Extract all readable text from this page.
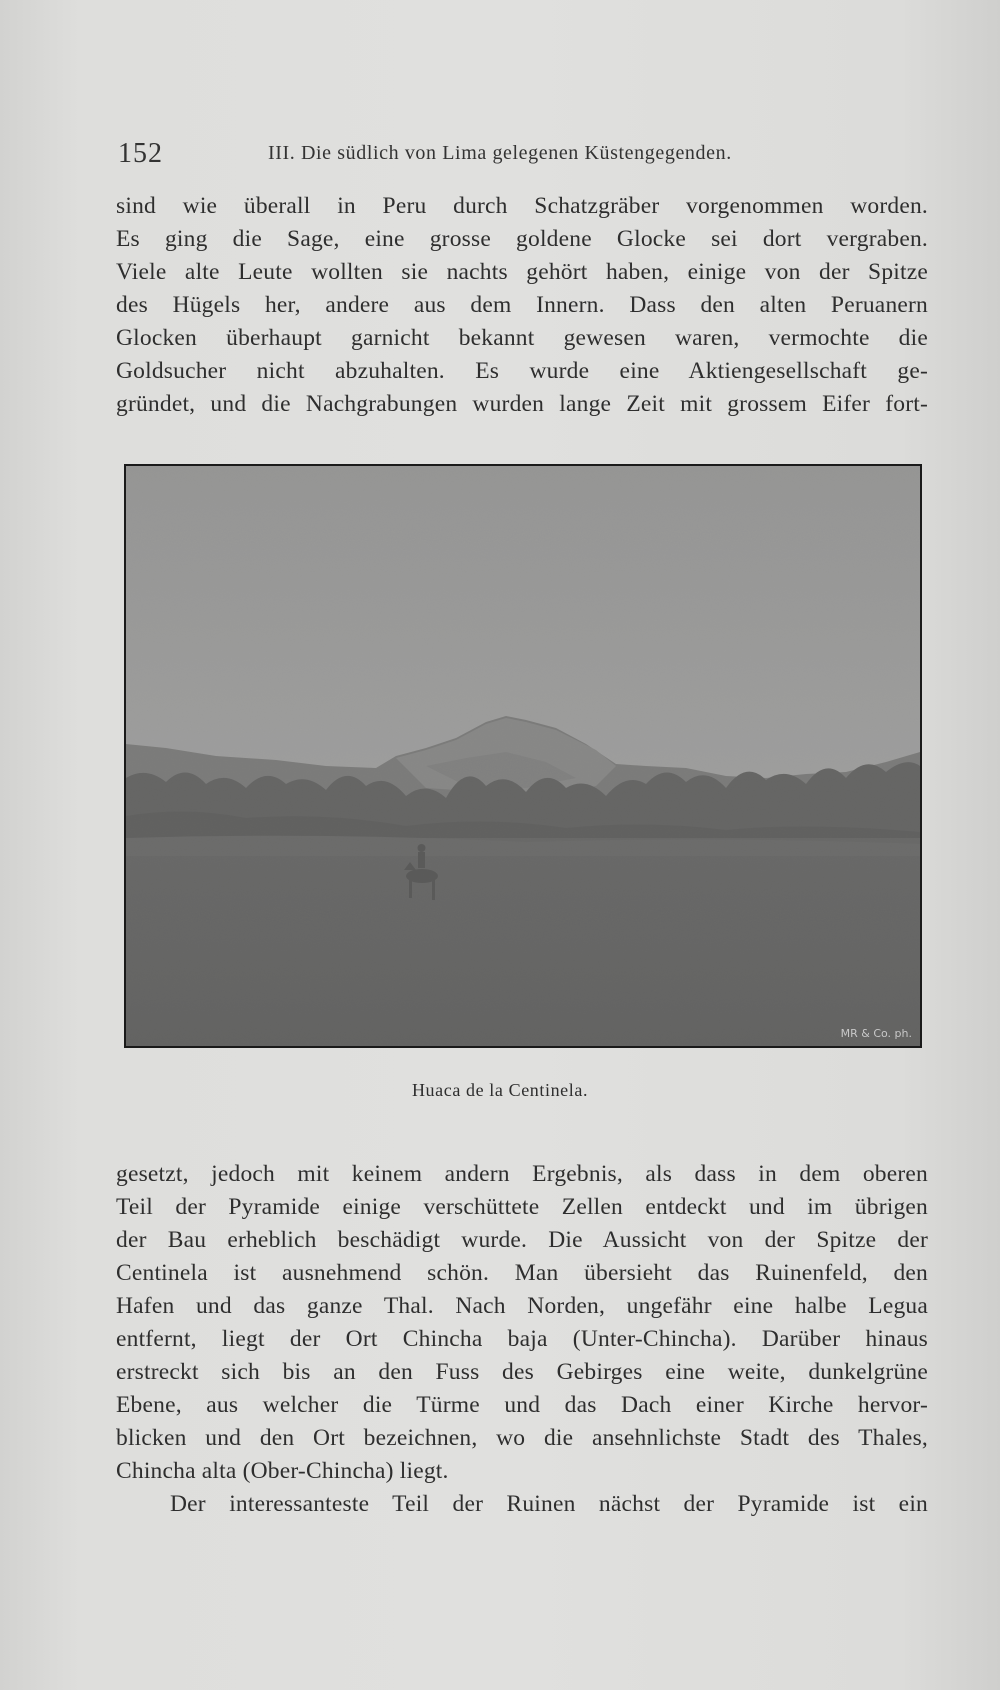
152	III. Die südlich von Lima gelegenen Küstengegenden.
sind wie überall in Peru durch Schatzgräber vorgenommen worden.
Es ging die Sage, eine grosse goldene Glocke sei dort vergraben.
Viele alte Leute wollten sie nachts gehört haben, einige von der Spitze
des Hügels her, andere aus dem Innern. Dass den alten Peruanern
Glocken überhaupt garnicht bekannt gewesen waren, vermochte die
Goldsucher nicht abzuhalten. Es wurde eine Aktiengesellschaft ge-
gründet, und die Nachgrabungen wurden lange Zeit mit grossem Eifer fort-
MR & Co. ph.
Huaca de la Centinela.
gesetzt, jedoch mit keinem andern Ergebnis, als dass in dem oberen
Teil der Pyramide einige verschüttete Zellen entdeckt und im übrigen
der Bau erheblich beschädigt wurde. Die Aussicht von der Spitze der
Centinela ist ausnehmend schön. Man übersieht das Ruinenfeld, den
Hafen und das ganze Thal. Nach Norden, ungefähr eine halbe Legua
entfernt, liegt der Ort Chincha baja (Unter-Chincha). Darüber hinaus
erstreckt sich bis an den Fuss des Gebirges eine weite, dunkelgrüne
Ebene, aus welcher die Türme und das Dach einer Kirche hervor-
blicken und den Ort bezeichnen, wo die ansehnlichste Stadt des Thales,
Chincha alta (Ober-Chincha) liegt.
Der interessanteste Teil der Ruinen nächst der Pyramide ist ein
